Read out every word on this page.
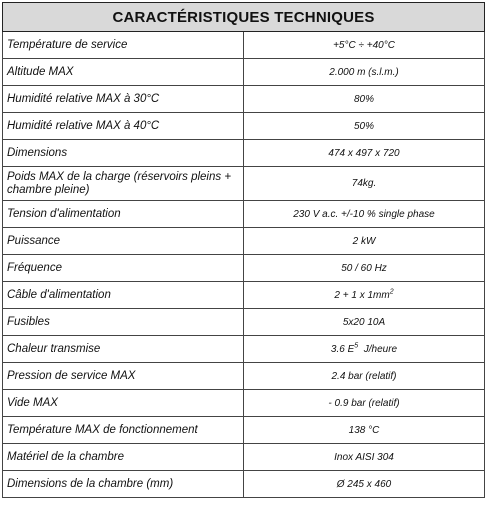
CARACTÉRISTIQUES TECHNIQUES	
Température de service	+5°C ÷ +40°C
Altitude MAX	2.000 m (s.l.m.)
Humidité relative MAX à 30°C	80%
Humidité relative MAX à 40°C	50%
Dimensions	474 x 497 x 720
Poids MAX de la charge (réservoirs pleins + chambre pleine)	74kg.
Tension d'alimentation	230 V a.c. +/-10 % single phase
Puissance	2 kW
Fréquence	50 / 60 Hz
Câble d'alimentation	2 + 1 x $1mm^2$
Fusibles	5x20 10A
Chaleur transmise	3.6 $E^5$  J/heure
Pression de service MAX	2.4 bar (relatif)
Vide MAX	- 0.9 bar (relatif)
Température MAX de fonctionnement	138 °C
Matériel de la chambre	Inox AISI 304
Dimensions de la chambre (mm)	Ø 245 x 460
